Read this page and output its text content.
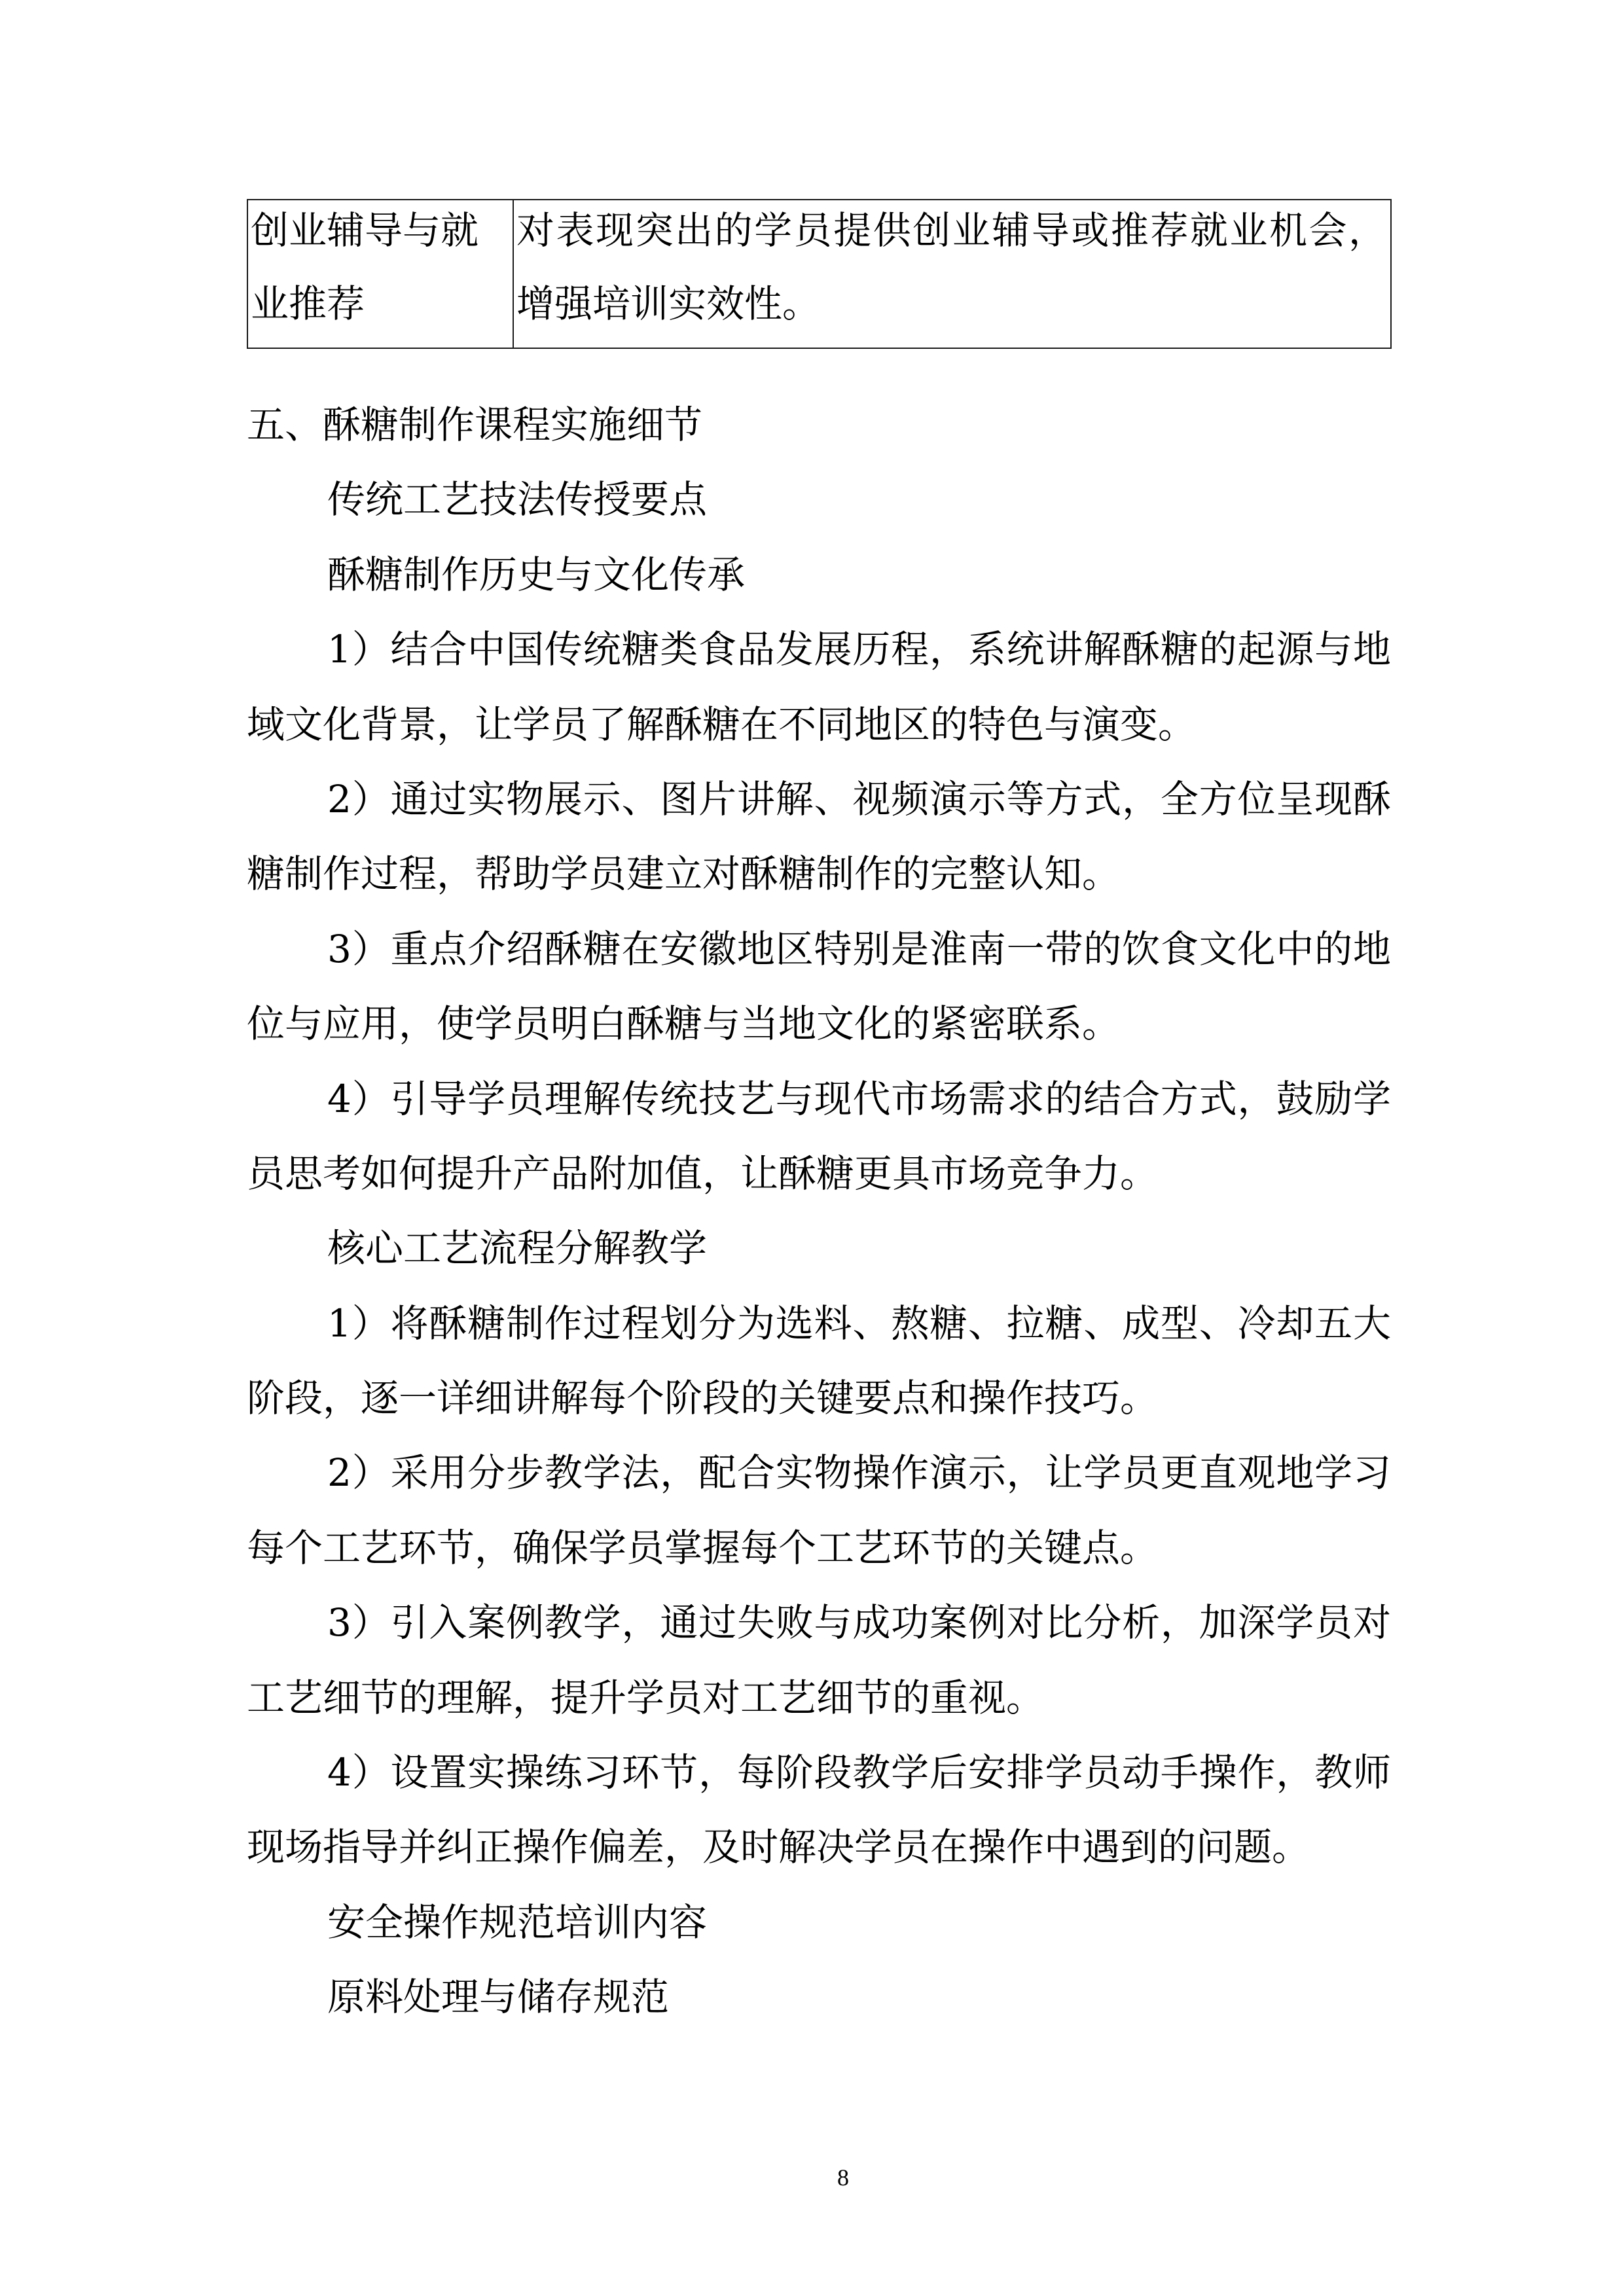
创业辅导与就
业推荐
对表现突出的学员提供创业辅导或推荐就业机会，
增强培训实效性。
五、酥糖制作课程实施细节
传统工艺技法传授要点
酥糖制作历史与文化传承
1）结合中国传统糖类食品发展历程，系统讲解酥糖的起源与地
域文化背景，让学员了解酥糖在不同地区的特色与演变。
2）通过实物展示、图片讲解、视频演示等方式，全方位呈现酥
糖制作过程，帮助学员建立对酥糖制作的完整认知。
3）重点介绍酥糖在安徽地区特别是淮南一带的饮食文化中的地
位与应用，使学员明白酥糖与当地文化的紧密联系。
4）引导学员理解传统技艺与现代市场需求的结合方式，鼓励学
员思考如何提升产品附加值，让酥糖更具市场竞争力。
核心工艺流程分解教学
1）将酥糖制作过程划分为选料、熬糖、拉糖、成型、冷却五大
阶段，逐一详细讲解每个阶段的关键要点和操作技巧。
2）采用分步教学法，配合实物操作演示，让学员更直观地学习
每个工艺环节，确保学员掌握每个工艺环节的关键点。
3）引入案例教学，通过失败与成功案例对比分析，加深学员对
工艺细节的理解，提升学员对工艺细节的重视。
4）设置实操练习环节，每阶段教学后安排学员动手操作，教师
现场指导并纠正操作偏差，及时解决学员在操作中遇到的问题。
安全操作规范培训内容
原料处理与储存规范
8
